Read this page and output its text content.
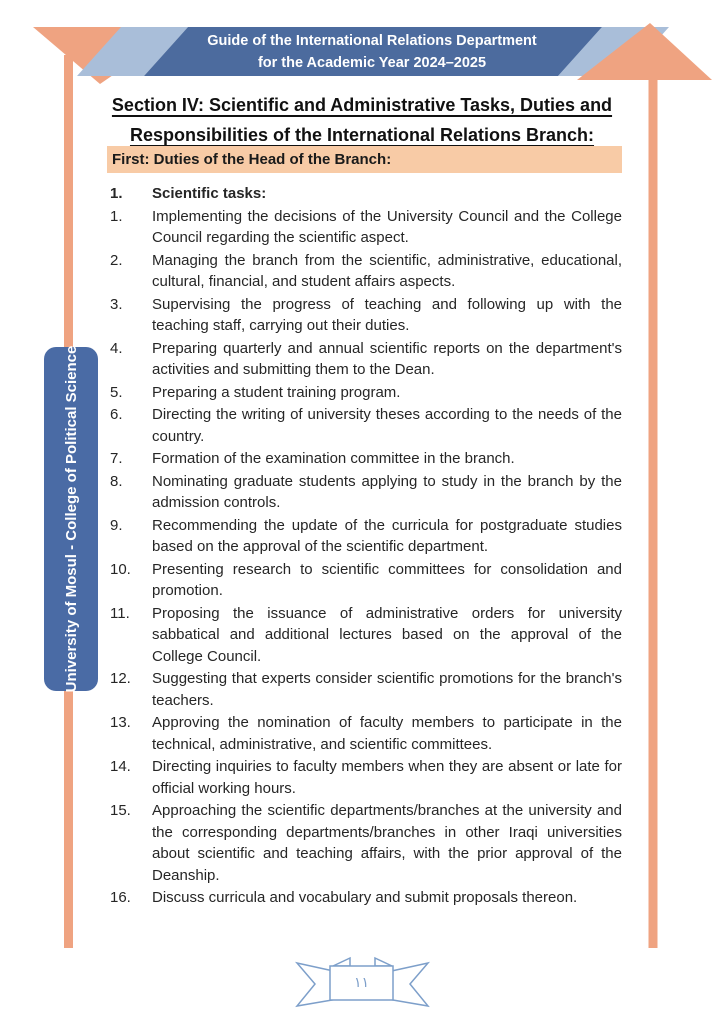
Guide of the International Relations Department
for the Academic Year 2024–2025
Section IV: Scientific and Administrative Tasks, Duties and
Responsibilities of the International Relations Branch:
First: Duties of the Head of the Branch:
1.	Scientific tasks:
1.	Implementing the decisions of the University Council and the College Council regarding the scientific aspect.
2.	Managing the branch from the scientific, administrative, educational, cultural, financial, and student affairs aspects.
3.	Supervising the progress of teaching and following up with the teaching staff, carrying out their duties.
4.	Preparing quarterly and annual scientific reports on the department's activities and submitting them to the Dean.
5.	Preparing a student training program.
6.	Directing the writing of university theses according to the needs of the country.
7.	Formation of the examination committee in the branch.
8.	Nominating graduate students applying to study in the branch by the admission controls.
9.	Recommending the update of the curricula for postgraduate studies based on the approval of the scientific department.
10.	Presenting research to scientific committees for consolidation and promotion.
11.	Proposing the issuance of administrative orders for university sabbatical and additional lectures based on the approval of the College Council.
12.	Suggesting that experts consider scientific promotions for the branch's teachers.
13.	Approving the nomination of faculty members to participate in the technical, administrative, and scientific committees.
14.	Directing inquiries to faculty members when they are absent or late for official working hours.
15.	Approaching the scientific departments/branches at the university and the corresponding departments/branches in other Iraqi universities about scientific and teaching affairs, with the prior approval of the Deanship.
16.	Discuss curricula and vocabulary and submit proposals thereon.
University of Mosul - College of Political Science
١١
